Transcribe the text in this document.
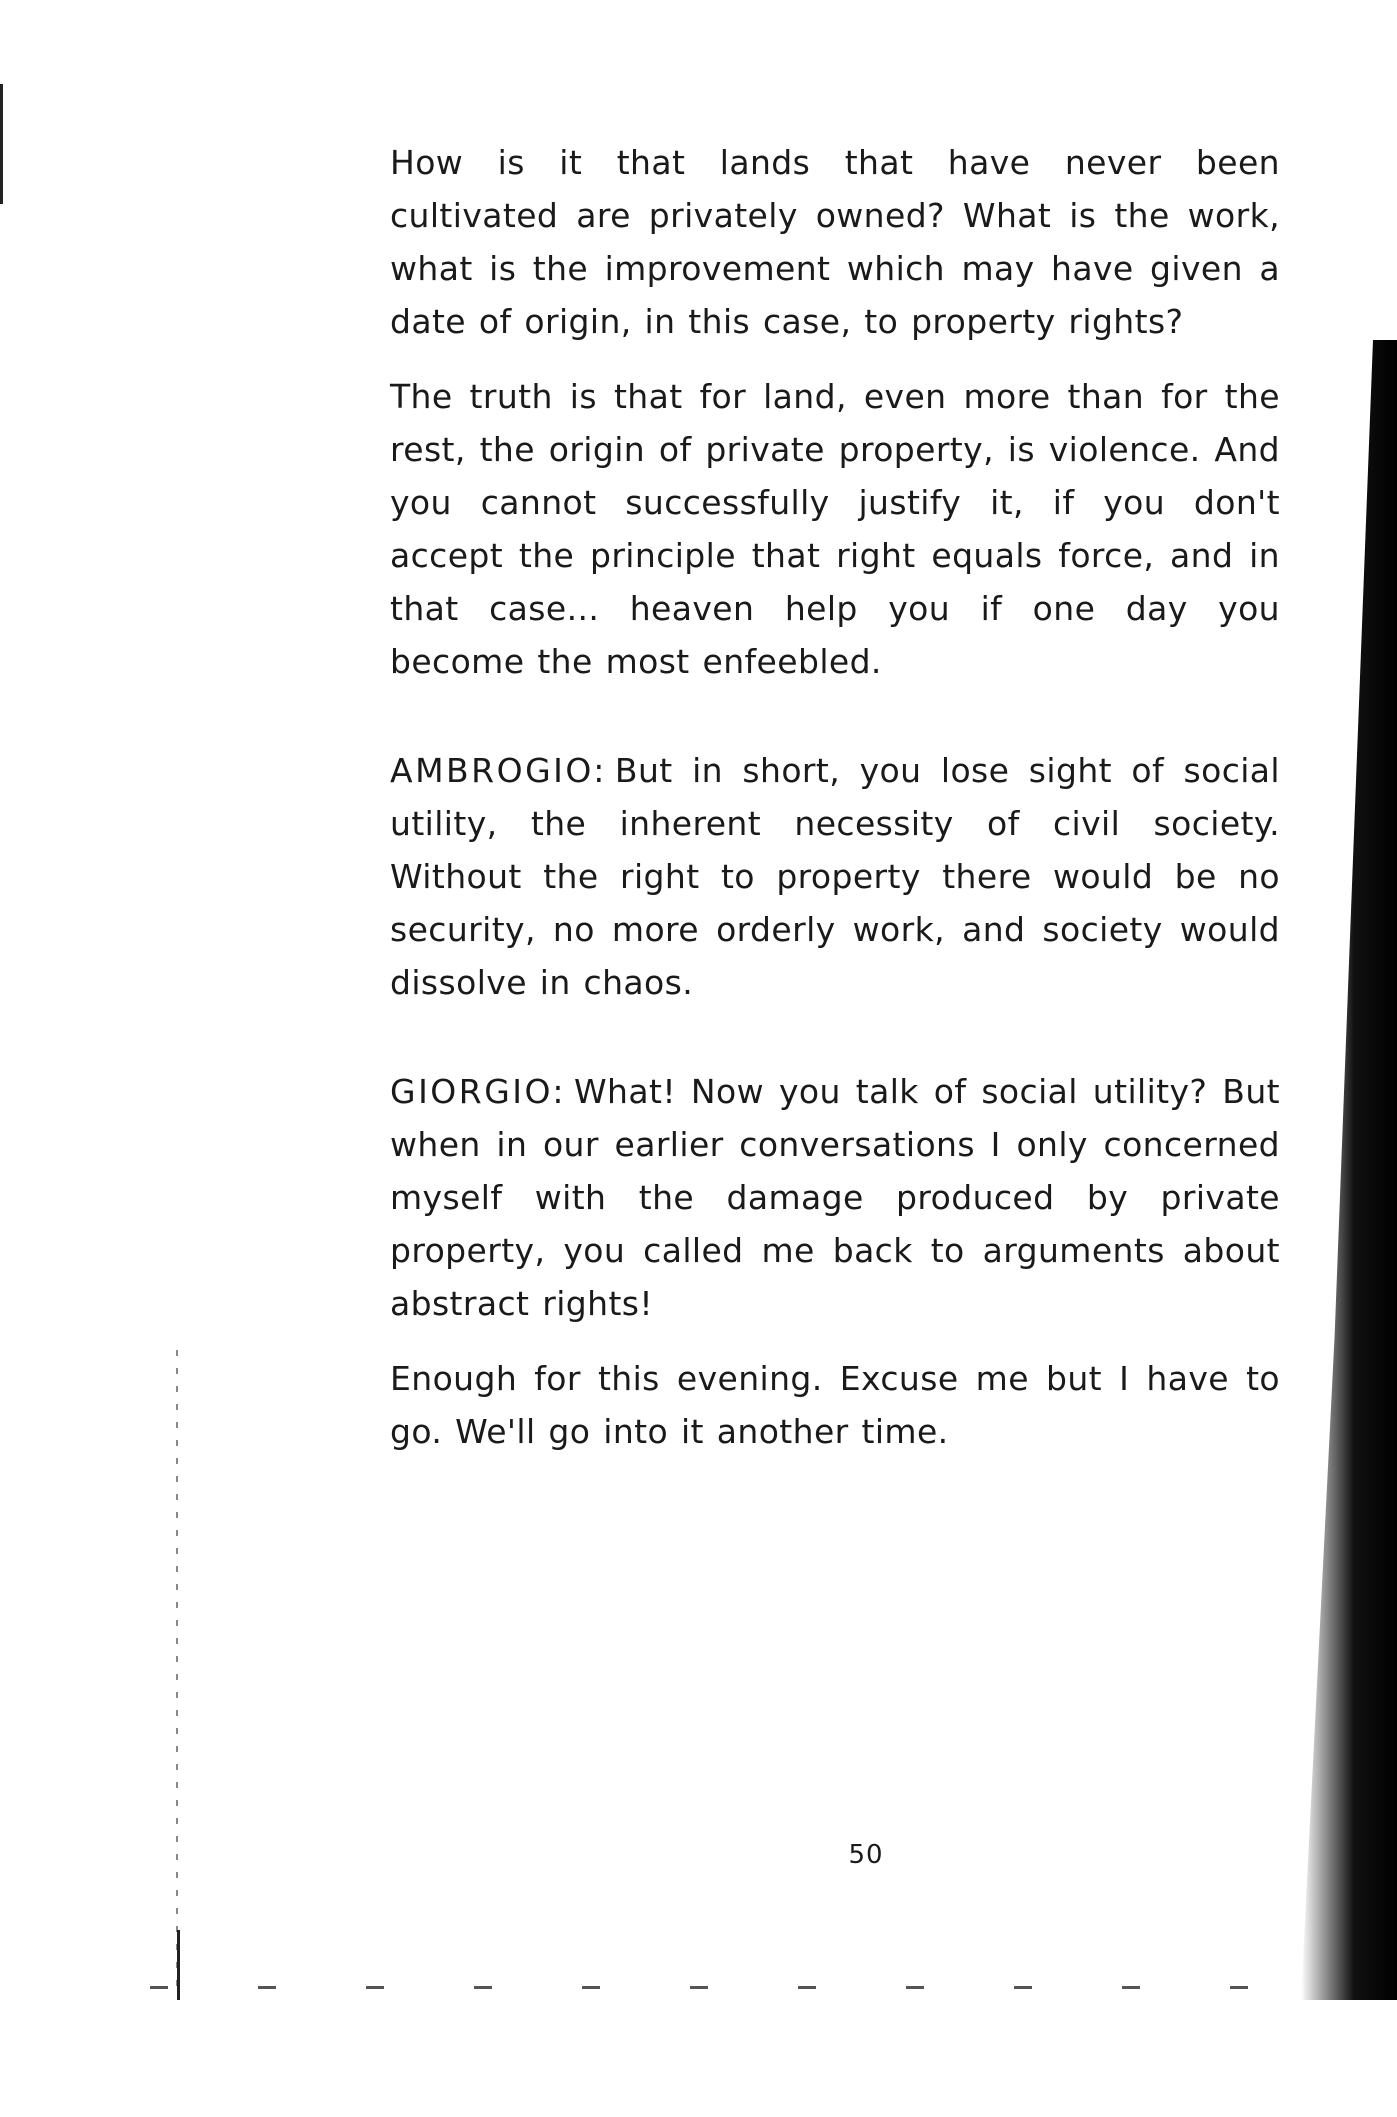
How is it that lands that have never been cultivated are privately owned? What is the work, what is the improvement which may have given a date of origin, in this case, to property rights?

The truth is that for land, even more than for the rest, the origin of private property, is violence. And you cannot successfully justify it, if you don't accept the principle that right equals force, and in that case... heaven help you if one day you become the most enfeebled.

AMBROGIO: But in short, you lose sight of social utility, the inherent necessity of civil society. Without the right to property there would be no security, no more orderly work, and society would dissolve in chaos.

GIORGIO: What! Now you talk of social utility? But when in our earlier conversations I only concerned myself with the damage produced by private property, you called me back to arguments about abstract rights!

Enough for this evening. Excuse me but I have to go. We'll go into it another time.

50
